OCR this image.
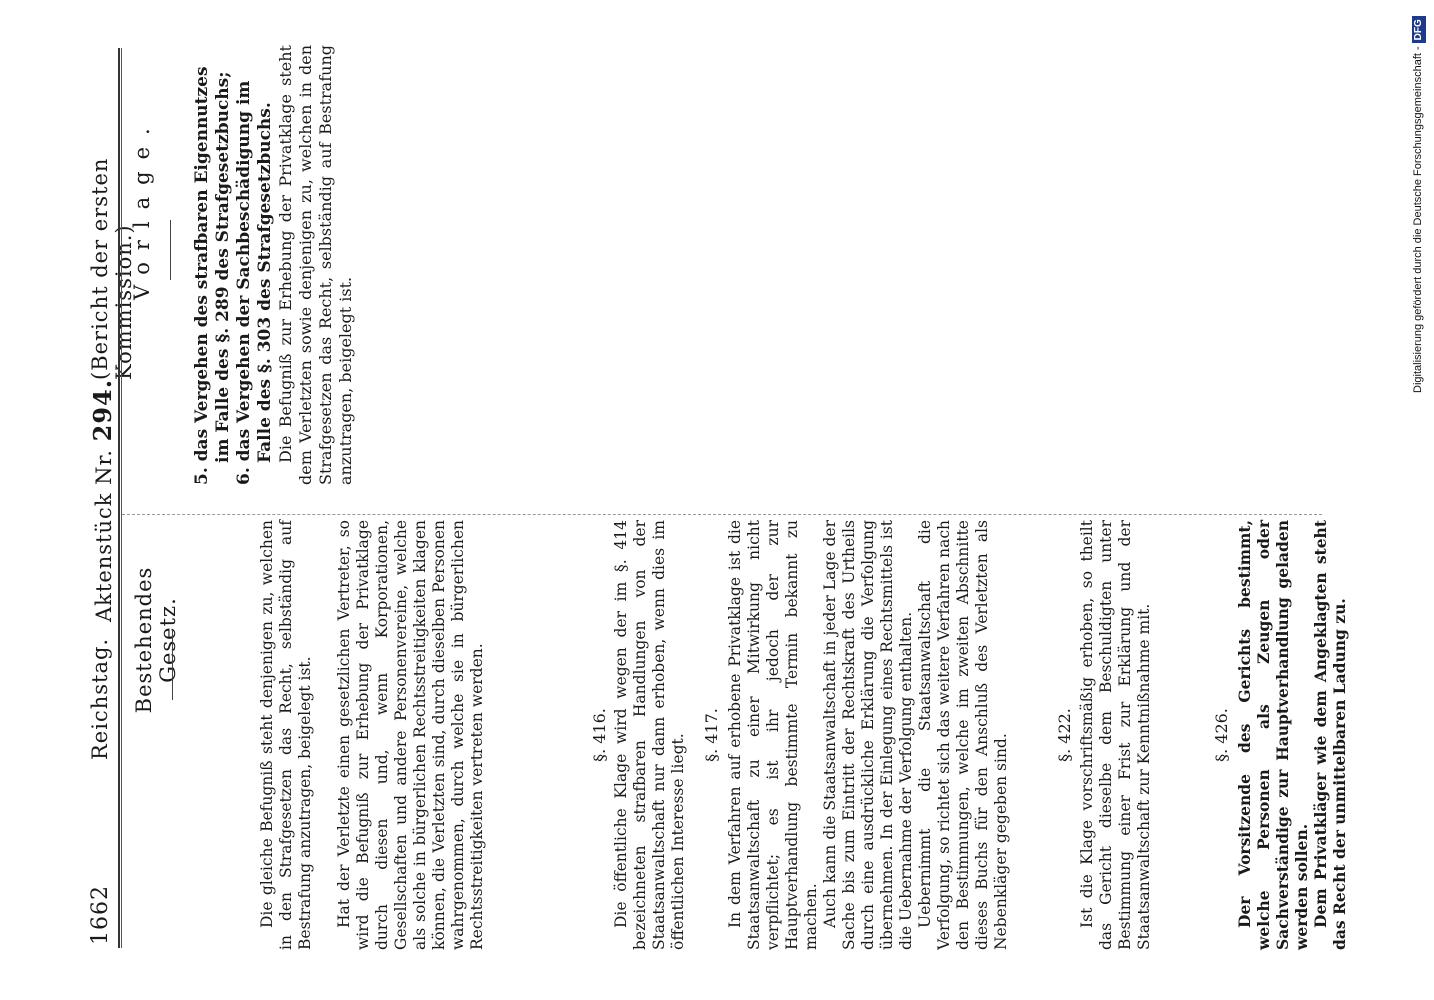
1662
Reichstag.
Aktenstück Nr. 294.
(Bericht der ersten Kommission.)
Bestehendes Gesetz.
Vorlage.

Die gleiche Befugniß steht denjenigen zu, welchen in den Strafgesetzen das Recht, selbständig auf Bestrafung anzutragen, beigelegt ist. Hat der Verletzte einen gesetzlichen Vertreter, so wird die Befugniß zur Erhebung der Privatklage durch diesen und, wenn Korporationen, Gesellschaften und andere Personenvereine, welche als solche in bürgerlichen Rechtsstreitigkeiten klagen können, die Verletzten sind, durch dieselben Personen wahrgenommen, durch welche sie in bürgerlichen Rechtsstreitigkeiten vertreten werden.	§. 416. Die öffentliche Klage wird wegen der im §. 414 bezeichneten strafbaren Handlungen von der Staatsanwaltschaft nur dann erhoben, wenn dies im öffentlichen Interesse liegt. §. 417. In dem Verfahren auf erhobene Privatklage ist die Staatsanwaltschaft zu einer Mitwirkung nicht verpflichtet; es ist ihr jedoch der zur Hauptverhandlung bestimmte Termin bekannt zu machen. Auch kann die Staatsanwaltschaft in jeder Lage der Sache bis zum Eintritt der Rechtskraft des Urtheils durch eine ausdrückliche Erklärung die Verfolgung übernehmen. In der Einlegung eines Rechtsmittels ist die Uebernahme der Verfolgung enthalten. Uebernimmt die Staatsanwaltschaft die Verfolgung, so richtet sich das weitere Verfahren nach den Bestimmungen, welche im zweiten Abschnitte dieses Buchs für den Anschluß des Verletzten als Nebenkläger gegeben sind.	§. 422. Ist die Klage vorschriftsmäßig erhoben, so theilt das Gericht dieselbe dem Beschuldigten unter Bestimmung einer Frist zur Erklärung und der Staatsanwaltschaft zur Kenntnißnahme mit.	§. 426. Der Vorsitzende des Gerichts bestimmt, welche Personen als Zeugen oder Sachverständige zur Hauptverhandlung geladen werden sollen. Dem Privatkläger wie dem Angeklagten steht das Recht der unmittelbaren Ladung zu.

5. das Vergehen des strafbaren Eigennutzes im Falle des §. 289 des Strafgesetzbuchs; 6. das Vergehen der Sachbeschädigung im Falle des §. 303 des Strafgesetzbuchs. Die Befugniß zur Erhebung der Privatklage steht dem Verletzten sowie denjenigen zu, welchen in den Strafgesetzen das Recht, selbständig auf Bestrafung anzutragen, beigelegt ist.	Digitalisierung gefördert durch die Deutsche Forschungsgemeinschaft -DFG
